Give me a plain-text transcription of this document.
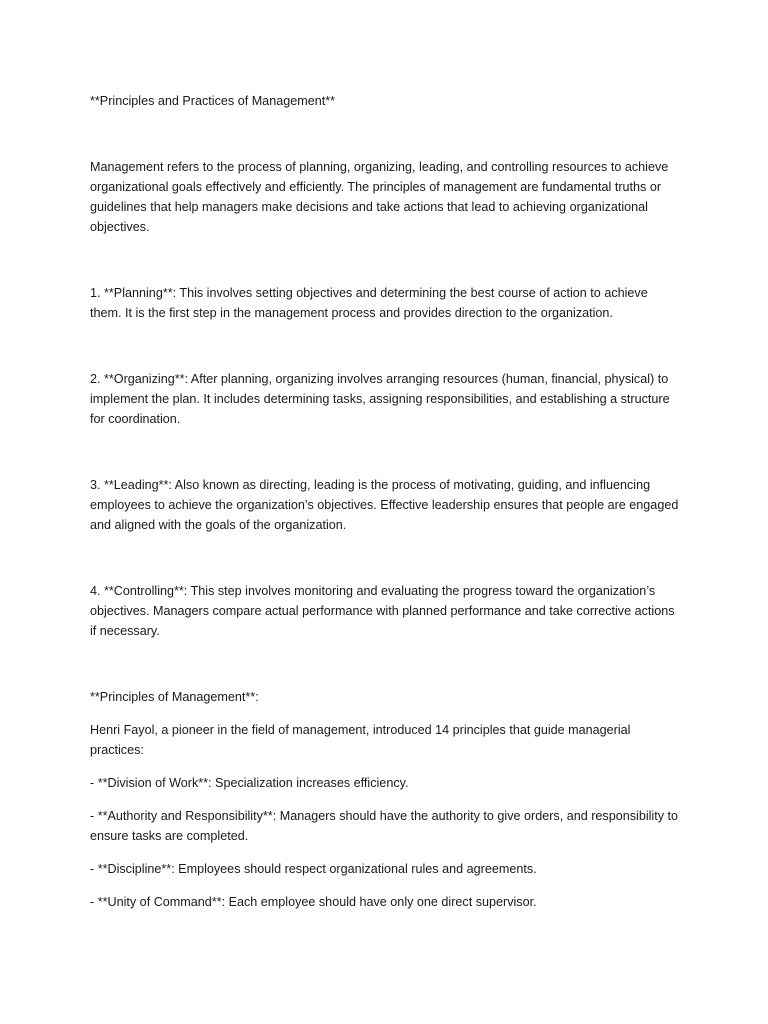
**Principles and Practices of Management**

Management refers to the process of planning, organizing, leading, and controlling resources to achieve organizational goals effectively and efficiently. The principles of management are fundamental truths or guidelines that help managers make decisions and take actions that lead to achieving organizational objectives.

1. **Planning**: This involves setting objectives and determining the best course of action to achieve them. It is the first step in the management process and provides direction to the organization.

2. **Organizing**: After planning, organizing involves arranging resources (human, financial, physical) to implement the plan. It includes determining tasks, assigning responsibilities, and establishing a structure for coordination.

3. **Leading**: Also known as directing, leading is the process of motivating, guiding, and influencing employees to achieve the organization’s objectives. Effective leadership ensures that people are engaged and aligned with the goals of the organization.

4. **Controlling**: This step involves monitoring and evaluating the progress toward the organization’s objectives. Managers compare actual performance with planned performance and take corrective actions if necessary.

**Principles of Management**:

Henri Fayol, a pioneer in the field of management, introduced 14 principles that guide managerial practices:

- **Division of Work**: Specialization increases efficiency.

- **Authority and Responsibility**: Managers should have the authority to give orders, and responsibility to ensure tasks are completed.

- **Discipline**: Employees should respect organizational rules and agreements.

- **Unity of Command**: Each employee should have only one direct supervisor.
